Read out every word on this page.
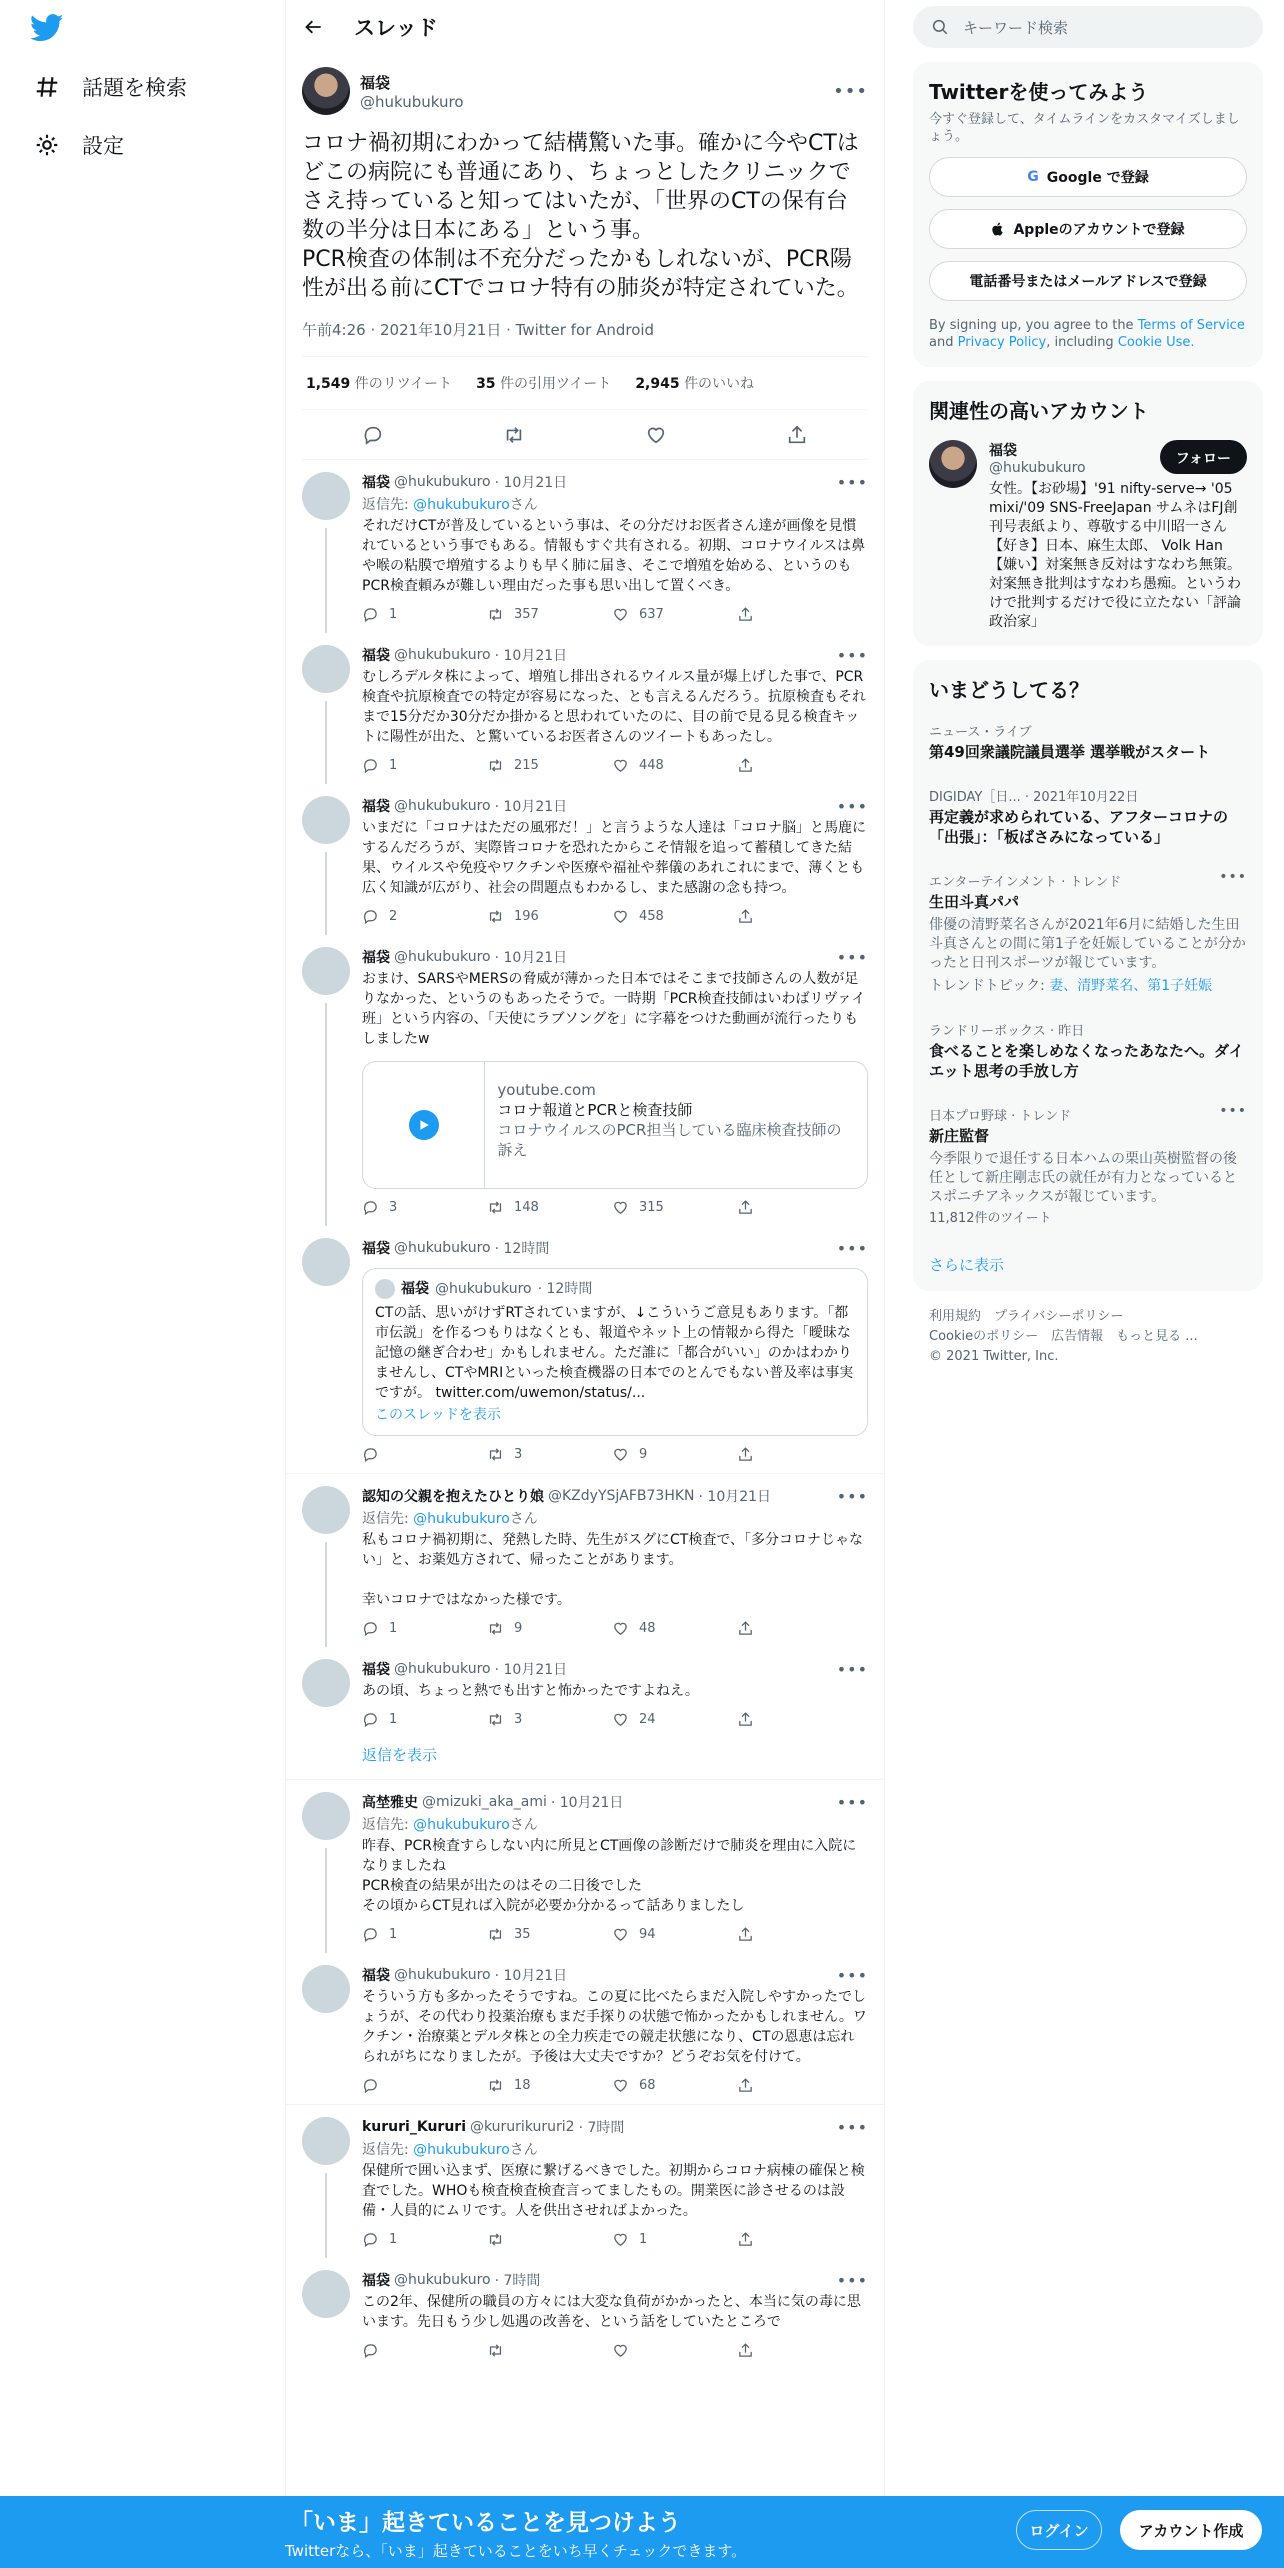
話題を検索
設定
スレッド
福袋
@hukubukuro	•••
コロナ禍初期にわかって結構驚いた事。確かに今やCTはどこの病院にも普通にあり、ちょっとしたクリニックでさえ持っていると知ってはいたが、「世界のCTの保有台数の半分は日本にある」という事。
PCR検査の体制は不充分だったかもしれないが、PCR陽性が出る前にCTでコロナ特有の肺炎が特定されていた。
午前4:26 · 2021年10月21日 · Twitter for Android
1,549 件のリツイート 35 件の引用ツイート 2,945 件のいいね
福袋 @hukubukuro · 10月21日	•••
返信先: @hukubukuroさん
それだけCTが普及しているという事は、その分だけお医者さん達が画像を見慣れているという事でもある。情報もすぐ共有される。初期、コロナウイルスは鼻や喉の粘膜で増殖するよりも早く肺に届き、そこで増殖を始める、というのもPCR検査頼みが難しい理由だった事も思い出して置くべき。
1	357	637
福袋 @hukubukuro · 10月21日	•••
むしろデルタ株によって、増殖し排出されるウイルス量が爆上げした事で、PCR検査や抗原検査での特定が容易になった、とも言えるんだろう。抗原検査もそれまで15分だか30分だか掛かると思われていたのに、目の前で見る見る検査キットに陽性が出た、と驚いているお医者さんのツイートもあったし。
1	215	448
福袋 @hukubukuro · 10月21日	•••
いまだに「コロナはただの風邪だ！」と言うような人達は「コロナ脳」と馬鹿にするんだろうが、実際皆コロナを恐れたからこそ情報を追って蓄積してきた結果、ウイルスや免疫やワクチンや医療や福祉や葬儀のあれこれにまで、薄くとも広く知識が広がり、社会の問題点もわかるし、また感謝の念も持つ。
2	196	458
福袋 @hukubukuro · 10月21日	•••
おまけ、SARSやMERSの脅威が薄かった日本ではそこまで技師さんの人数が足りなかった、というのもあったそうで。一時期「PCR検査技師はいわばリヴァイ班」という内容の、「天使にラブソングを」に字幕をつけた動画が流行ったりもしましたw
youtube.com
コロナ報道とPCRと検査技師
コロナウイルスのPCR担当している臨床検査技師の訴え
3	148	315
福袋 @hukubukuro · 12時間	•••
福袋 @hukubukuro · 12時間
CTの話、思いがけずRTされていますが、↓こういうご意見もあります。「都市伝説」を作るつもりはなくとも、報道やネット上の情報から得た「曖昧な記憶の継ぎ合わせ」かもしれません。ただ誰に「都合がいい」のかはわかりませんし、CTやMRIといった検査機器の日本でのとんでもない普及率は事実ですが。 twitter.com/uwemon/status/...
このスレッドを表示
3	9
認知の父親を抱えたひとり娘 @KZdyYSjAFB73HKN · 10月21日	•••
返信先: @hukubukuroさん
私もコロナ禍初期に、発熱した時、先生がスグにCT検査で、「多分コロナじゃない」と、お薬処方されて、帰ったことがあります。

幸いコロナではなかった様です。
1	9	48
福袋 @hukubukuro · 10月21日	•••
あの頃、ちょっと熱でも出すと怖かったですよねえ。
1	3	24
返信を表示
高埜雅史 @mizuki_aka_ami · 10月21日	•••
返信先: @hukubukuroさん
昨春、PCR検査すらしない内に所見とCT画像の診断だけで肺炎を理由に入院になりましたね
PCR検査の結果が出たのはその二日後でした
その頃からCT見れば入院が必要か分かるって話ありましたし
1	35	94
福袋 @hukubukuro · 10月21日	•••
そういう方も多かったそうですね。この夏に比べたらまだ入院しやすかったでしょうが、その代わり投薬治療もまだ手探りの状態で怖かったかもしれません。ワクチン・治療薬とデルタ株との全力疾走での競走状態になり、CTの恩恵は忘れられがちになりましたが。予後は大丈夫ですか？どうぞお気を付けて。
18	68
kururi_Kururi @kururikururi2 · 7時間	•••
返信先: @hukubukuroさん
保健所で囲い込まず、医療に繋げるべきでした。初期からコロナ病棟の確保と検査でした。WHOも検査検査検査言ってましたもの。開業医に診させるのは設備・人員的にムリです。人を供出させればよかった。
1	1
福袋 @hukubukuro · 7時間	•••
この2年、保健所の職員の方々には大変な負荷がかかったと、本当に気の毒に思います。先日もう少し処遇の改善を、という話をしていたところで
キーワード検索
Twitterを使ってみよう
今すぐ登録して、タイムラインをカスタマイズしましょう。
G Google で登録
Appleのアカウントで登録
電話番号またはメールアドレスで登録
By signing up, you agree to the Terms of Service and Privacy Policy, including Cookie Use.
関連性の高いアカウント
福袋
@hukubukuro
フォロー
女性。【お砂場】'91 nifty-serve→ '05 mixi/'09 SNS-FreeJapan サムネはFJ創刊号表紙より、尊敬する中川昭一さん【好き】日本、麻生太郎、 Volk Han 【嫌い】対案無き反対はすなわち無策。対案無き批判はすなわち愚痴。というわけで批判するだけで役に立たない「評論政治家」
いまどうしてる？
ニュース・ライブ
第49回衆議院議員選挙 選挙戦がスタート
DIGIDAY［日... · 2021年10月22日
再定義が求められている、アフターコロナの「出張」：「板ばさみになっている」
エンターテインメント · トレンド
生田斗真パパ
俳優の清野菜名さんが2021年6月に結婚した生田斗真さんとの間に第1子を妊娠していることが分かったと日刊スポーツが報じています。
トレンドトピック: 妻、清野菜名、第1子妊娠
•••
ランドリーボックス · 昨日
食べることを楽しめなくなったあなたへ。ダイエット思考の手放し方
日本プロ野球 · トレンド
新庄監督
今季限りで退任する日本ハムの栗山英樹監督の後任として新庄剛志氏の就任が有力となっているとスポニチアネックスが報じています。
11,812件のツイート
•••
さらに表示
利用規約　プライバシーポリシー
Cookieのポリシー　広告情報　もっと見る ...
© 2021 Twitter, Inc.
「いま」起きていることを見つけよう
Twitterなら、「いま」起きていることをいち早くチェックできます。
ログイン	アカウント作成
